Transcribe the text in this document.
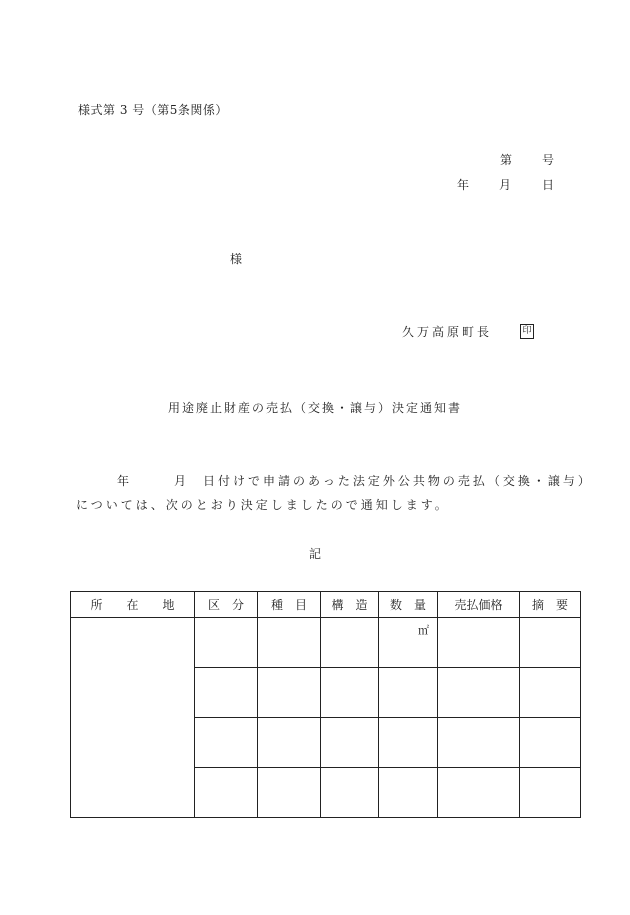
様式第 3 号（第5条関係）
第 号
年 月	日
様
久万高原町長	印
用途廃止財産の売払（交換・譲与）決定通知書
年	月 日付けで申請のあった法定外公共物の売払（交換・譲与）
については、次のとおり決定しましたので通知します。
記
所　　在　　地	区　分	種　目	構　造	数　量	売払価格	摘　要

				㎡		
